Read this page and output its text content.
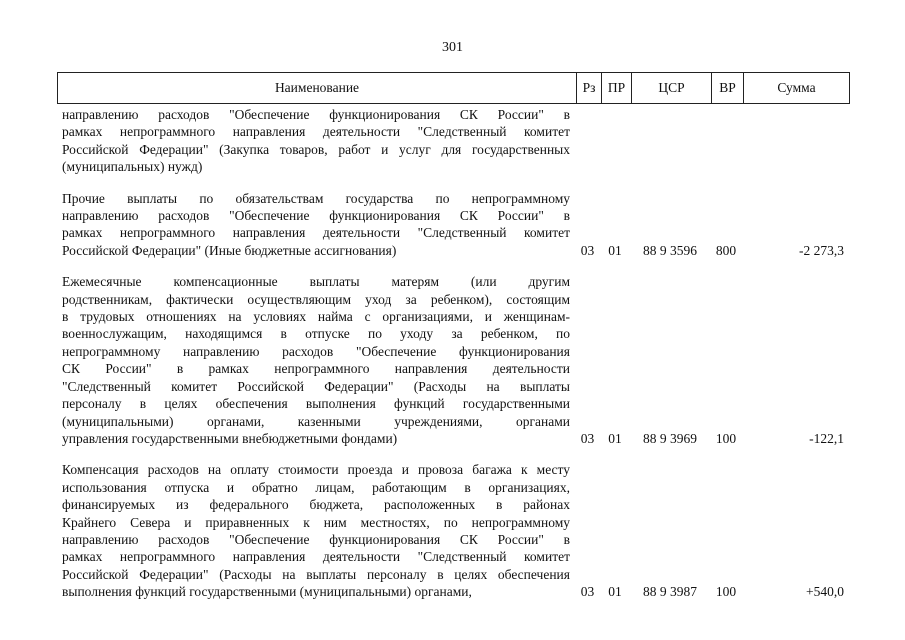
301
Наименование	Рз ПР	ЦСР	ВР	Сумма
направлению расходов "Обеспечение функционирования СК России" в
рамках непрограммного направления деятельности "Следственный комитет
Российской Федерации" (Закупка товаров, работ и услуг для государственных
(муниципальных) нужд)
Прочие выплаты по обязательствам государства по непрограммному
направлению расходов "Обеспечение функционирования СК России" в
рамках непрограммного направления деятельности "Следственный комитет
Российской Федерации" (Иные бюджетные ассигнования)	03	01	88 9 3596	800	-2 273,3
Ежемесячные компенсационные выплаты матерям (или другим
родственникам, фактически осуществляющим уход за ребенком), состоящим
в трудовых отношениях на условиях найма с организациями, и женщинам-
военнослужащим, находящимся в отпуске по уходу за ребенком, по
непрограммному направлению расходов "Обеспечение функционирования
СК России" в рамках непрограммного направления деятельности
"Следственный комитет Российской Федерации" (Расходы на выплаты
персоналу в целях обеспечения выполнения функций государственными
(муниципальными) органами, казенными учреждениями, органами
управления государственными внебюджетными фондами)	03	01	88 9 3969	100	-122,1
Компенсация расходов на оплату стоимости проезда и провоза багажа к месту
использования отпуска и обратно лицам, работающим в организациях,
финансируемых из федерального бюджета, расположенных в районах
Крайнего Севера и приравненных к ним местностях, по непрограммному
направлению расходов "Обеспечение функционирования СК России" в
рамках непрограммного направления деятельности "Следственный комитет
Российской Федерации" (Расходы на выплаты персоналу в целях обеспечения
выполнения функций государственными (муниципальными) органами,	03	01	88 9 3987	100	+540,0
